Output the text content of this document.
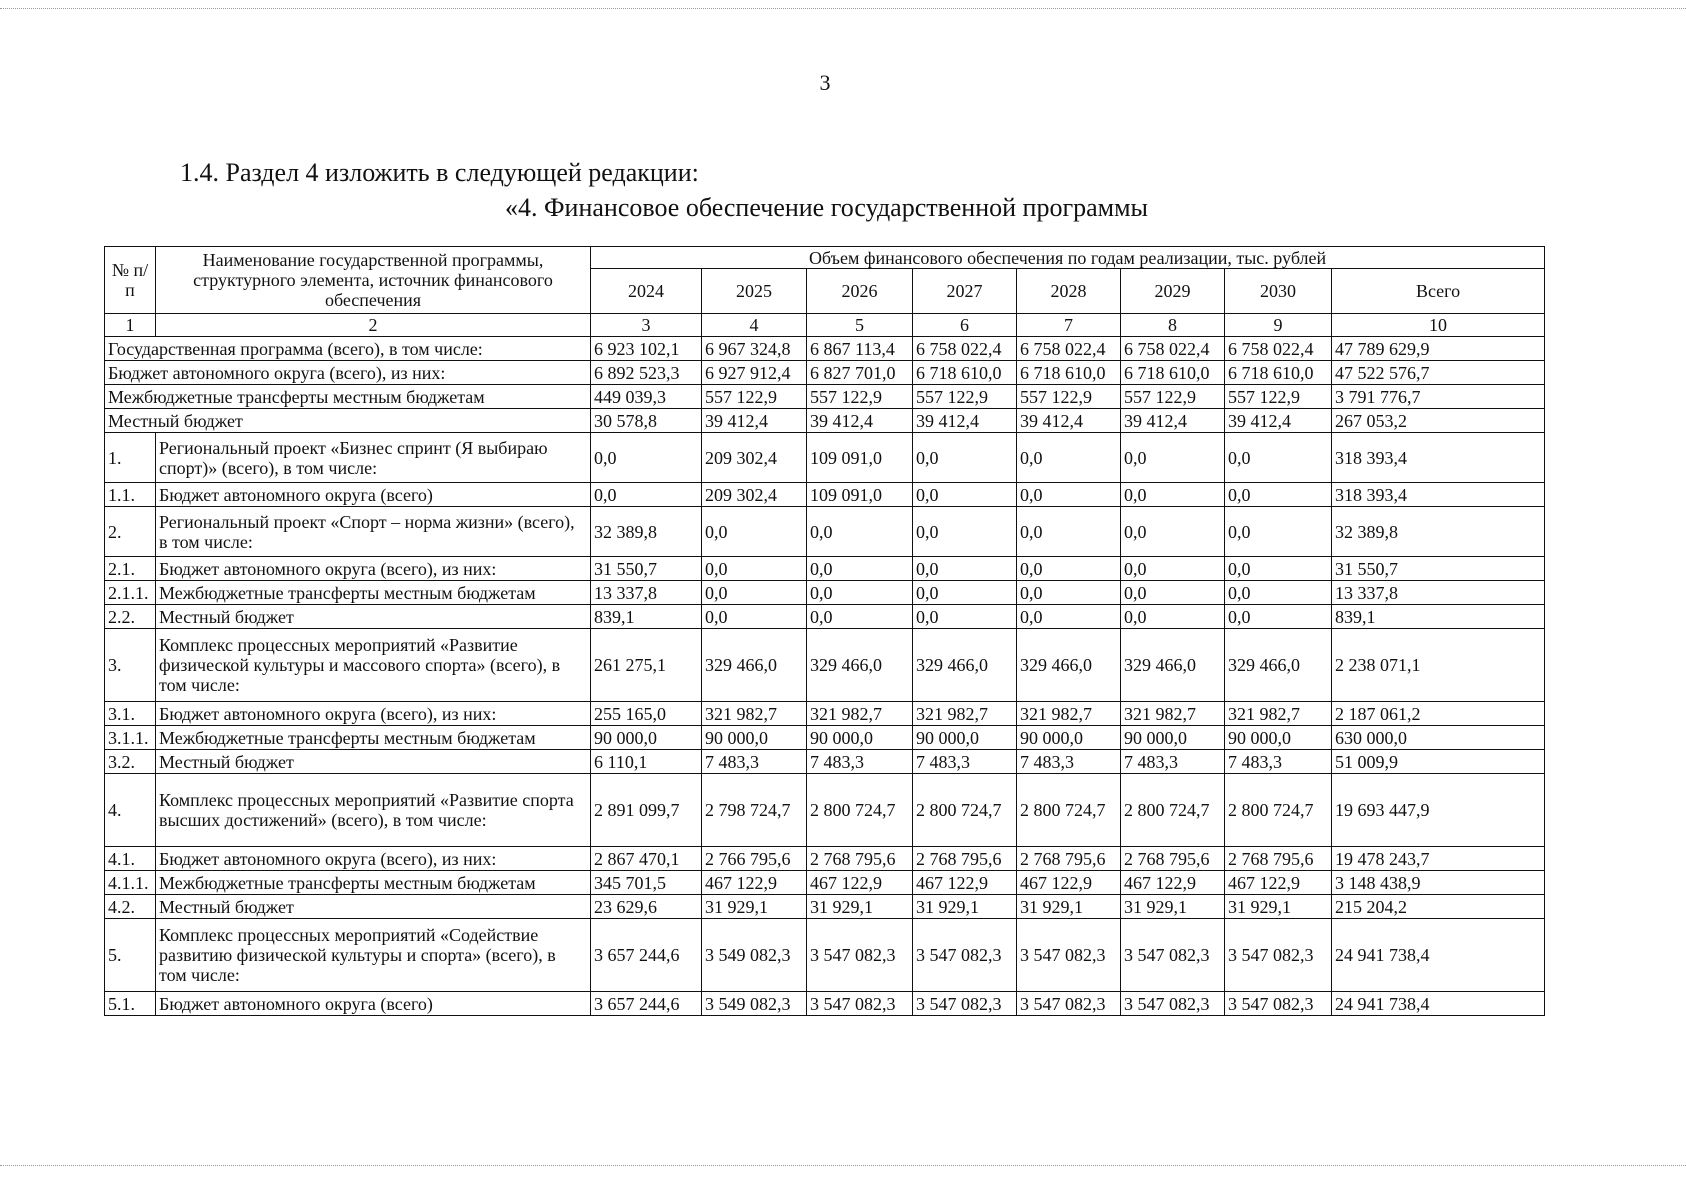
3
1.4. Раздел 4 изложить в следующей редакции:
«4. Финансовое обеспечение государственной программы
№ п/п	Наименование государственной программы, структурного элемента, источник финансового обеспечения	Объем финансового обеспечения по годам реализации, тыс. рублей							
		2024	2025	2026	2027	2028	2029	2030	Всего
1	2	3	4	5	6	7	8	9	10
Государственная программа (всего), в том числе:		6 923 102,1	6 967 324,8	6 867 113,4	6 758 022,4	6 758 022,4	6 758 022,4	6 758 022,4	47 789 629,9
Бюджет автономного округа (всего), из них:		6 892 523,3	6 927 912,4	6 827 701,0	6 718 610,0	6 718 610,0	6 718 610,0	6 718 610,0	47 522 576,7
Межбюджетные трансферты местным бюджетам		449 039,3	557 122,9	557 122,9	557 122,9	557 122,9	557 122,9	557 122,9	3 791 776,7
Местный бюджет		30 578,8	39 412,4	39 412,4	39 412,4	39 412,4	39 412,4	39 412,4	267 053,2
1.	Региональный проект «Бизнес спринт (Я выбираю спорт)» (всего), в том числе:	0,0	209 302,4	109 091,0	0,0	0,0	0,0	0,0	318 393,4
1.1.	Бюджет автономного округа (всего)	0,0	209 302,4	109 091,0	0,0	0,0	0,0	0,0	318 393,4
2.	Региональный проект «Спорт – норма жизни» (всего), в том числе:	32 389,8	0,0	0,0	0,0	0,0	0,0	0,0	32 389,8
2.1.	Бюджет автономного округа (всего), из них:	31 550,7	0,0	0,0	0,0	0,0	0,0	0,0	31 550,7
2.1.1.	Межбюджетные трансферты местным бюджетам	13 337,8	0,0	0,0	0,0	0,0	0,0	0,0	13 337,8
2.2.	Местный бюджет	839,1	0,0	0,0	0,0	0,0	0,0	0,0	839,1
3.	Комплекс процессных мероприятий «Развитие физической культуры и массового спорта» (всего), в том числе:	261 275,1	329 466,0	329 466,0	329 466,0	329 466,0	329 466,0	329 466,0	2 238 071,1
3.1.	Бюджет автономного округа (всего), из них:	255 165,0	321 982,7	321 982,7	321 982,7	321 982,7	321 982,7	321 982,7	2 187 061,2
3.1.1.	Межбюджетные трансферты местным бюджетам	90 000,0	90 000,0	90 000,0	90 000,0	90 000,0	90 000,0	90 000,0	630 000,0
3.2.	Местный бюджет	6 110,1	7 483,3	7 483,3	7 483,3	7 483,3	7 483,3	7 483,3	51 009,9
4.	Комплекс процессных мероприятий «Развитие спорта высших достижений» (всего), в том числе:	2 891 099,7	2 798 724,7	2 800 724,7	2 800 724,7	2 800 724,7	2 800 724,7	2 800 724,7	19 693 447,9
4.1.	Бюджет автономного округа (всего), из них:	2 867 470,1	2 766 795,6	2 768 795,6	2 768 795,6	2 768 795,6	2 768 795,6	2 768 795,6	19 478 243,7
4.1.1.	Межбюджетные трансферты местным бюджетам	345 701,5	467 122,9	467 122,9	467 122,9	467 122,9	467 122,9	467 122,9	3 148 438,9
4.2.	Местный бюджет	23 629,6	31 929,1	31 929,1	31 929,1	31 929,1	31 929,1	31 929,1	215 204,2
5.	Комплекс процессных мероприятий «Содействие развитию физической культуры и спорта» (всего), в том числе:	3 657 244,6	3 549 082,3	3 547 082,3	3 547 082,3	3 547 082,3	3 547 082,3	3 547 082,3	24 941 738,4
5.1.	Бюджет автономного округа (всего)	3 657 244,6	3 549 082,3	3 547 082,3	3 547 082,3	3 547 082,3	3 547 082,3	3 547 082,3	24 941 738,4
